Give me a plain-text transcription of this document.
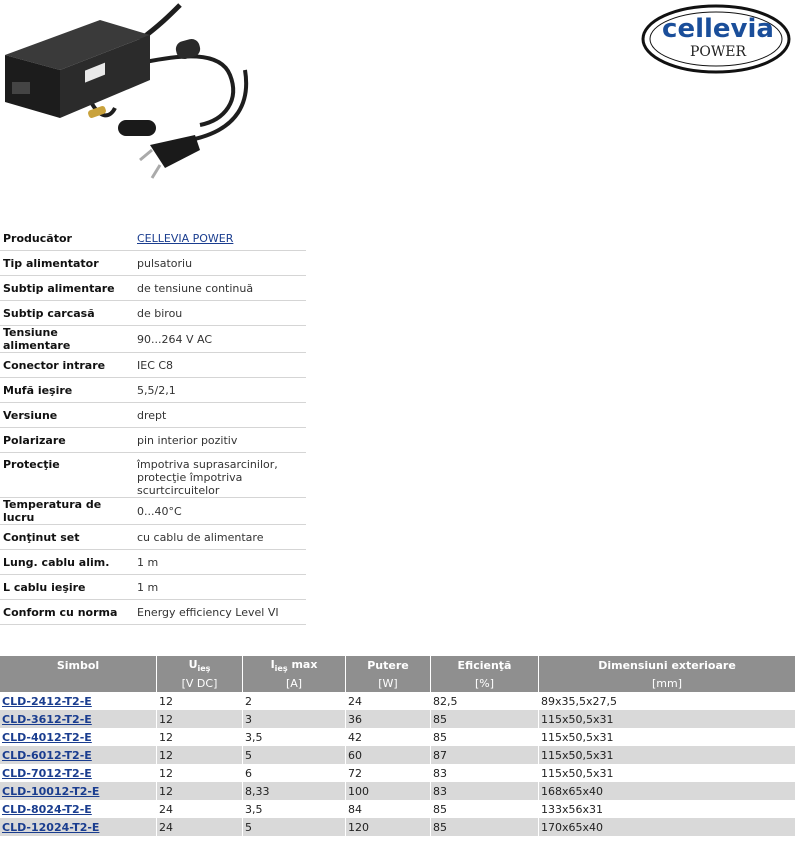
cellevia
POWER
Producător	CELLEVIA POWER
Tip alimentator	pulsatoriu

Subtip alimentare	de tensiune continuă

Subtip carcasă	de birou

Tensiune alimentare	90...264 V AC

Conector intrare	IEC C8

Mufă ieşire	5,5/2,1

Versiune	drept

Polarizare	pin interior pozitiv

Protecţie	împotriva suprasarcinilor,
protecţie împotriva scurtcircuitelor

Temperatura de lucru	0...40°C

Conţinut set	cu cablu de alimentare

Lung. cablu alim.	1 m

L cablu ieşire	1 m

Conform cu norma	Energy efficiency Level VI
Simbol	$U_{ieş}$	$I_{ieş}$ max	Putere	Eficienţă	Dimensiuni exterioare
	[V DC]	[A]	[W]	[%]	[mm]
CLD-2412-T2-E	12	2	24	82,5	89x35,5x27,5
CLD-3612-T2-E	12	3	36	85	115x50,5x31
CLD-4012-T2-E	12	3,5	42	85	115x50,5x31
CLD-6012-T2-E	12	5	60	87	115x50,5x31
CLD-7012-T2-E	12	6	72	83	115x50,5x31
CLD-10012-T2-E	12	8,33	100	83	168x65x40
CLD-8024-T2-E	24	3,5	84	85	133x56x31
CLD-12024-T2-E	24	5	120	85	170x65x40
